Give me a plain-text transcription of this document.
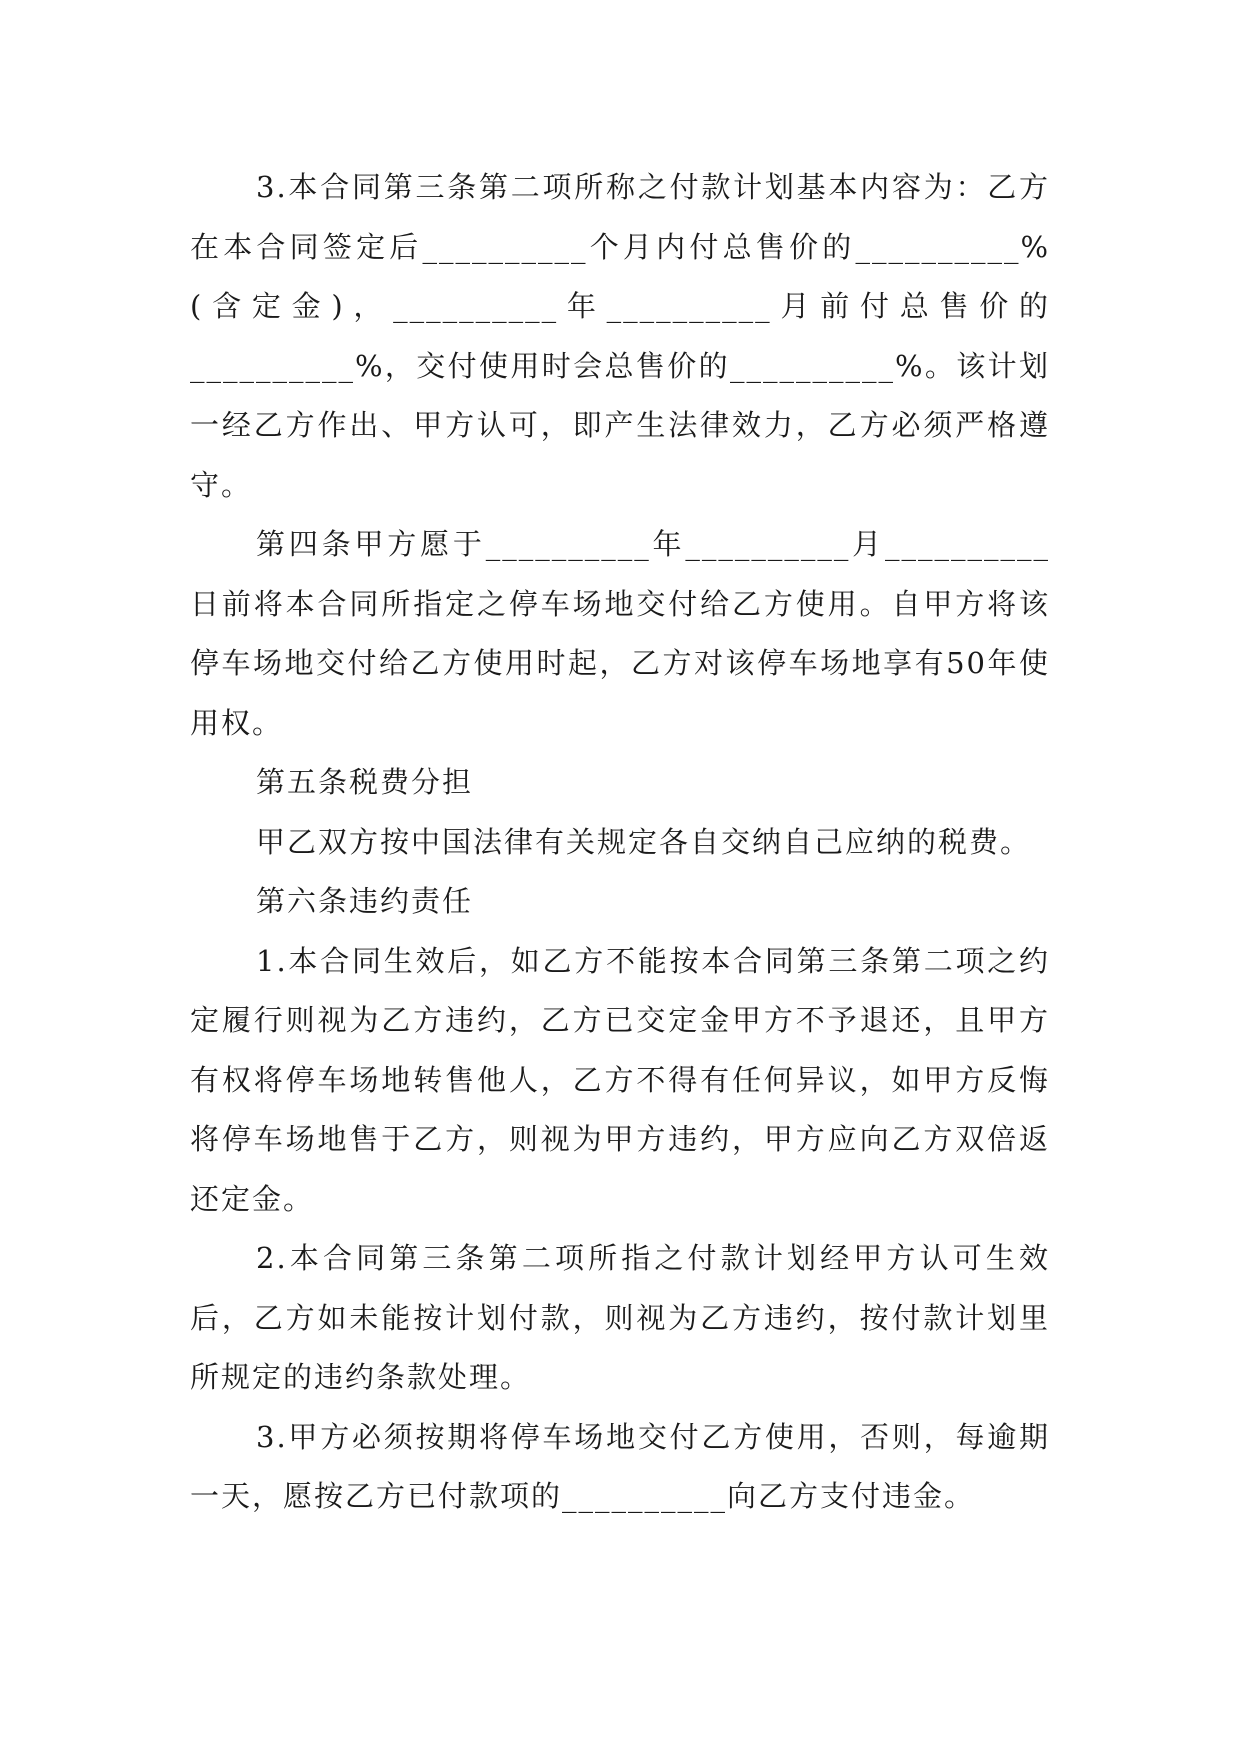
3.本合同第三条第二项所称之付款计划基本内容为：乙方在本合同签定后__________个月内付总售价的__________%(含定金)，__________年__________月前付总售价的__________%，交付使用时会总售价的__________%。该计划一经乙方作出、甲方认可，即产生法律效力，乙方必须严格遵守。

第四条甲方愿于__________年__________月__________日前将本合同所指定之停车场地交付给乙方使用。自甲方将该停车场地交付给乙方使用时起，乙方对该停车场地享有50年使用权。

第五条税费分担

甲乙双方按中国法律有关规定各自交纳自己应纳的税费。

第六条违约责任

1.本合同生效后，如乙方不能按本合同第三条第二项之约定履行则视为乙方违约，乙方已交定金甲方不予退还，且甲方有权将停车场地转售他人，乙方不得有任何异议，如甲方反悔将停车场地售于乙方，则视为甲方违约，甲方应向乙方双倍返还定金。

2.本合同第三条第二项所指之付款计划经甲方认可生效后，乙方如未能按计划付款，则视为乙方违约，按付款计划里所规定的违约条款处理。

3.甲方必须按期将停车场地交付乙方使用，否则，每逾期一天，愿按乙方已付款项的__________向乙方支付违金。
